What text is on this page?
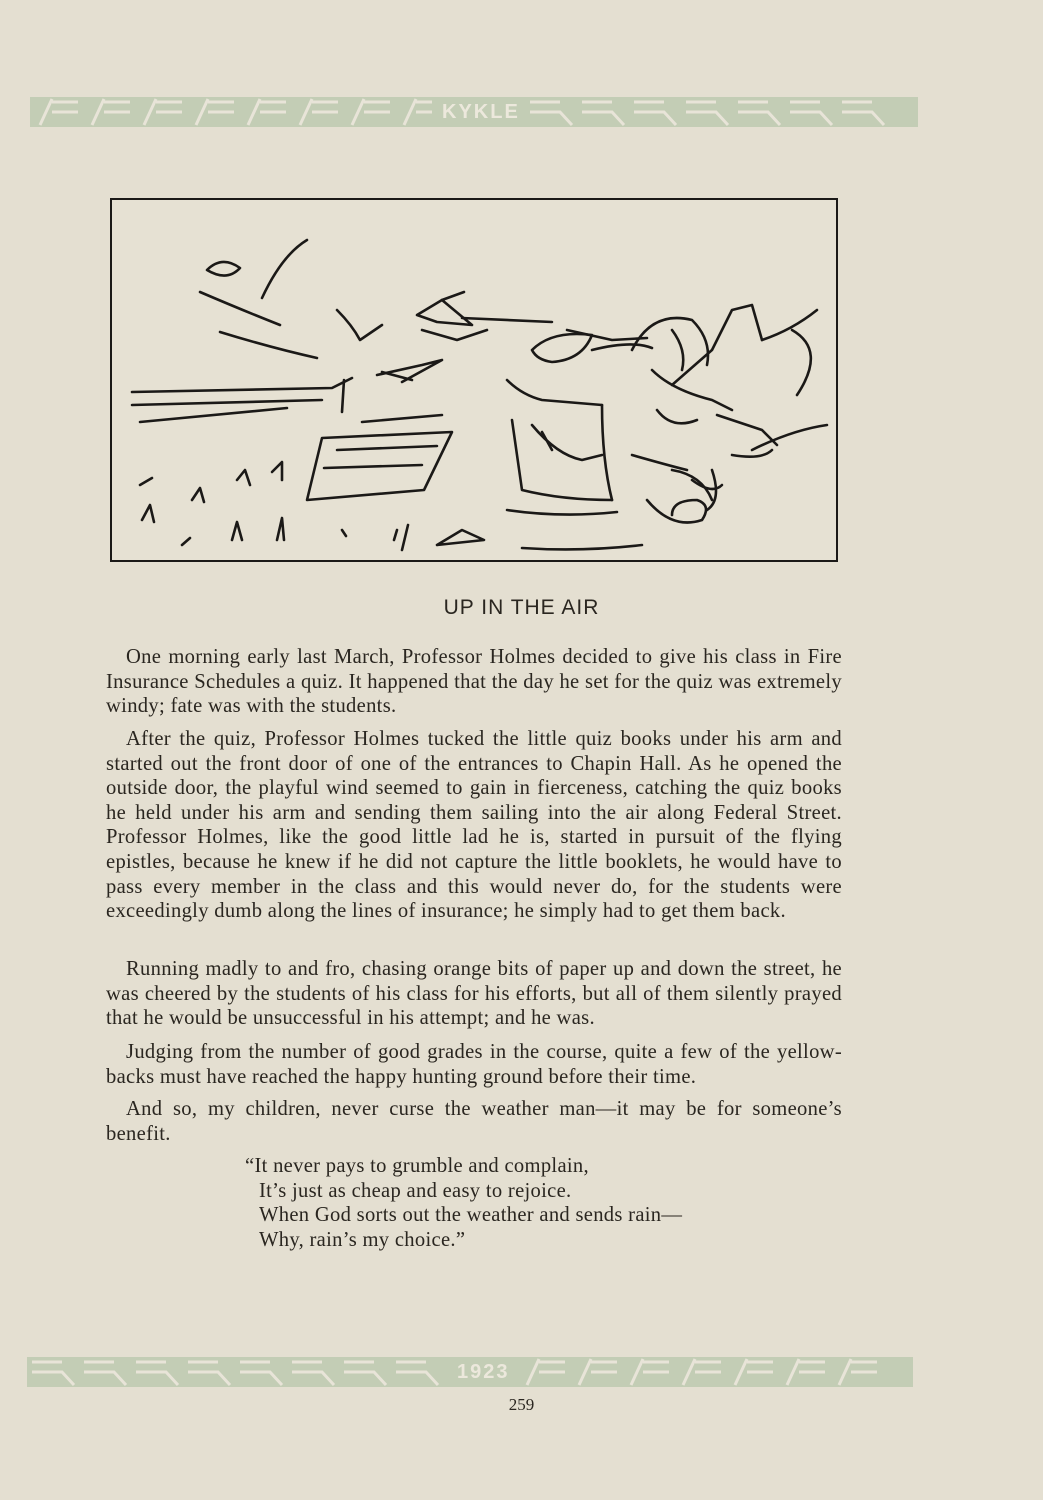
KYKLE
UP IN THE AIR

One morning early last March, Professor Holmes decided to give his class in Fire Insurance Schedules a quiz. It happened that the day he set for the quiz was extremely windy; fate was with the students.

After the quiz, Professor Holmes tucked the little quiz books under his arm and started out the front door of one of the entrances to Chapin Hall. As he opened the outside door, the playful wind seemed to gain in fierceness, catching the quiz books he held under his arm and sending them sailing into the air along Federal Street. Professor Holmes, like the good little lad he is, started in pursuit of the flying epistles, because he knew if he did not capture the little booklets, he would have to pass every member in the class and this would never do, for the students were exceedingly dumb along the lines of insurance; he simply had to get them back.

Running madly to and fro, chasing orange bits of paper up and down the street, he was cheered by the students of his class for his efforts, but all of them silently prayed that he would be unsuccessful in his attempt; and he was.

Judging from the number of good grades in the course, quite a few of the yellow-backs must have reached the happy hunting ground before their time.

And so, my children, never curse the weather man—it may be for someone’s benefit.

“It never pays to grumble and complain,
It’s just as cheap and easy to rejoice.
When God sorts out the weather and sends rain—
Why, rain’s my choice.”
1923
259
